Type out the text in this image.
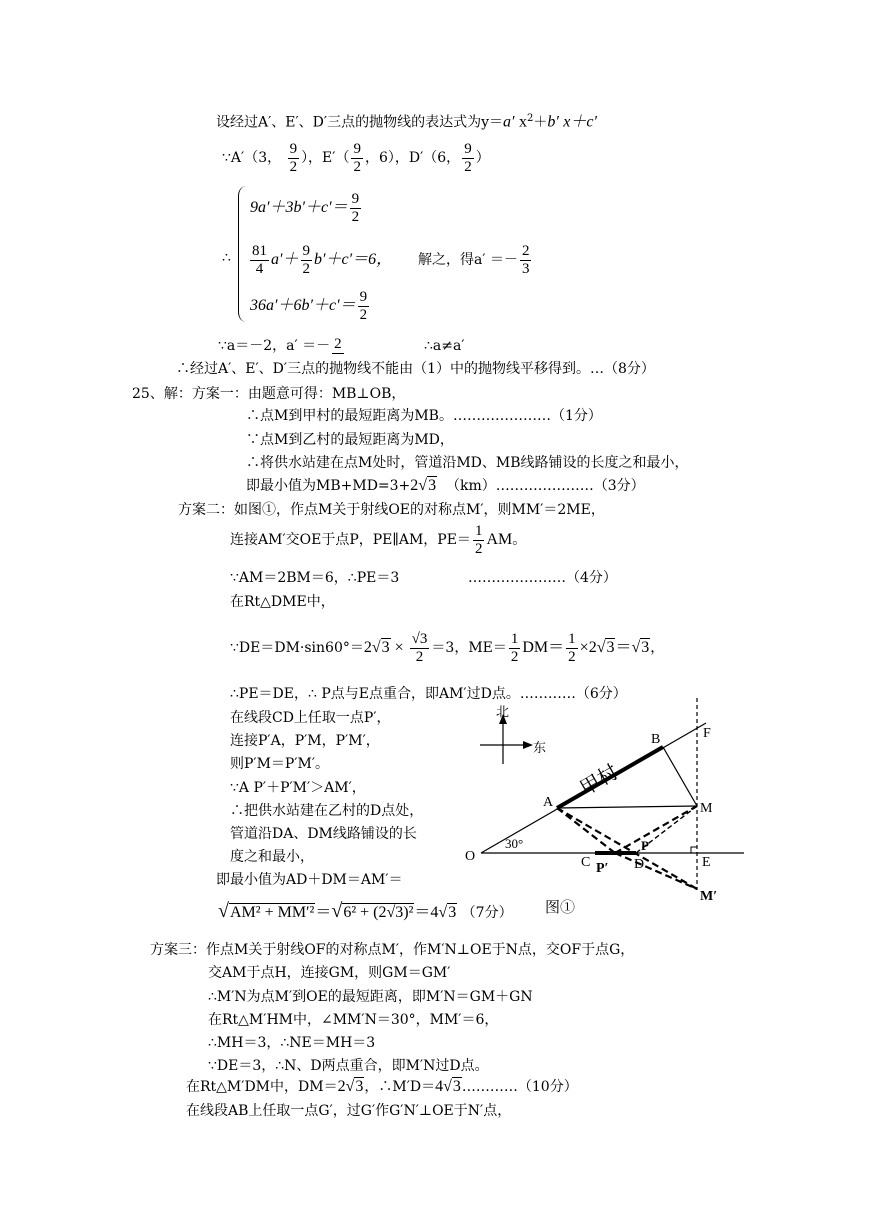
设经过A′、E′、D′三点的抛物线的表达式为y＝a′ $x^2+b'$ x＋c′
∵A′（3， $\frac{9}{2}$ ），$E'( \frac{9}{2}$ ，6），D′（6， $\frac{9}{2}$ ）
∴
$9a'+3b'+c'= \frac{9}{2}$
$\frac{81}{4} a'+ \frac{9}{2} b'+c'=6$，
$36a'+6b'+c'= \frac{9}{2}$
解之，得$a' =- \frac{2}{3}$
∵a＝－2，a′ ＝－ 2	∴a≠a′
∴经过A′、E′、D′三点的抛物线不能由（1）中的抛物线平移得到。…（8分）
25、解：方案一：由题意可得：MB⊥OB，
∴点M到甲村的最短距离为MB。…………………（1分）
∵点M到乙村的最短距离为MD，
∴将供水站建在点M处时，管道沿MD、MB线路铺设的长度之和最小，
即最小值为MB+MD=3+2√3 （km）…………………（3分）
方案二：如图①，作点M关于射线OE的对称点M′，则MM′＝2ME，
连接AM′交OE于点P，PE∥AM，$PE= \frac{1}{2}$ AM。
∵AM＝2BM＝6，∴PE＝3	…………………（4分）
在Rt△DME中，
∵DE＝DM·sin60°＝2√3 × $\frac{√3}{2} =3$，$ME= \frac{1}{2} DM= \frac{1}{2} \times 2√3=√3$，
∴PE＝DE，∴ P点与E点重合，即AM′过D点。…………（6分）
在线段CD上任取一点P′，
连接P′A，P′M，P′M′，
则P′M＝P′M′。
∵A P′＋P′M′＞AM′，
∴把供水站建在乙村的D点处，
管道沿DA、DM线路铺设的长
度之和最小，
即最小值为AD＋DM＝AM′＝
√AM² + MM′²＝√6² + (2√3)²＝4√3 （7分）
方案三：作点M关于射线OF的对称点M′，作M′N⊥OE于N点，交OF于点G，
交AM于点H，连接GM，则GM＝GM′
∴M′N为点M′到OE的最短距离，即M′N＝GM＋GN
在Rt△M′HM中，∠MM′N＝30°，MM′＝6，
∴MH＝3，∴NE＝MH＝3
∵DE＝3，∴N、D两点重合，即M′N过D点。
在Rt△M′DM中，DM＝2√3，∴M′D＝4√3…………（10分）
在线段AB上任取一点G′，过G′作G′N′⊥OE于N′点，
北
东
甲村
30°
O
A
B	F
M
C P′ D
P
E
M′
图①
